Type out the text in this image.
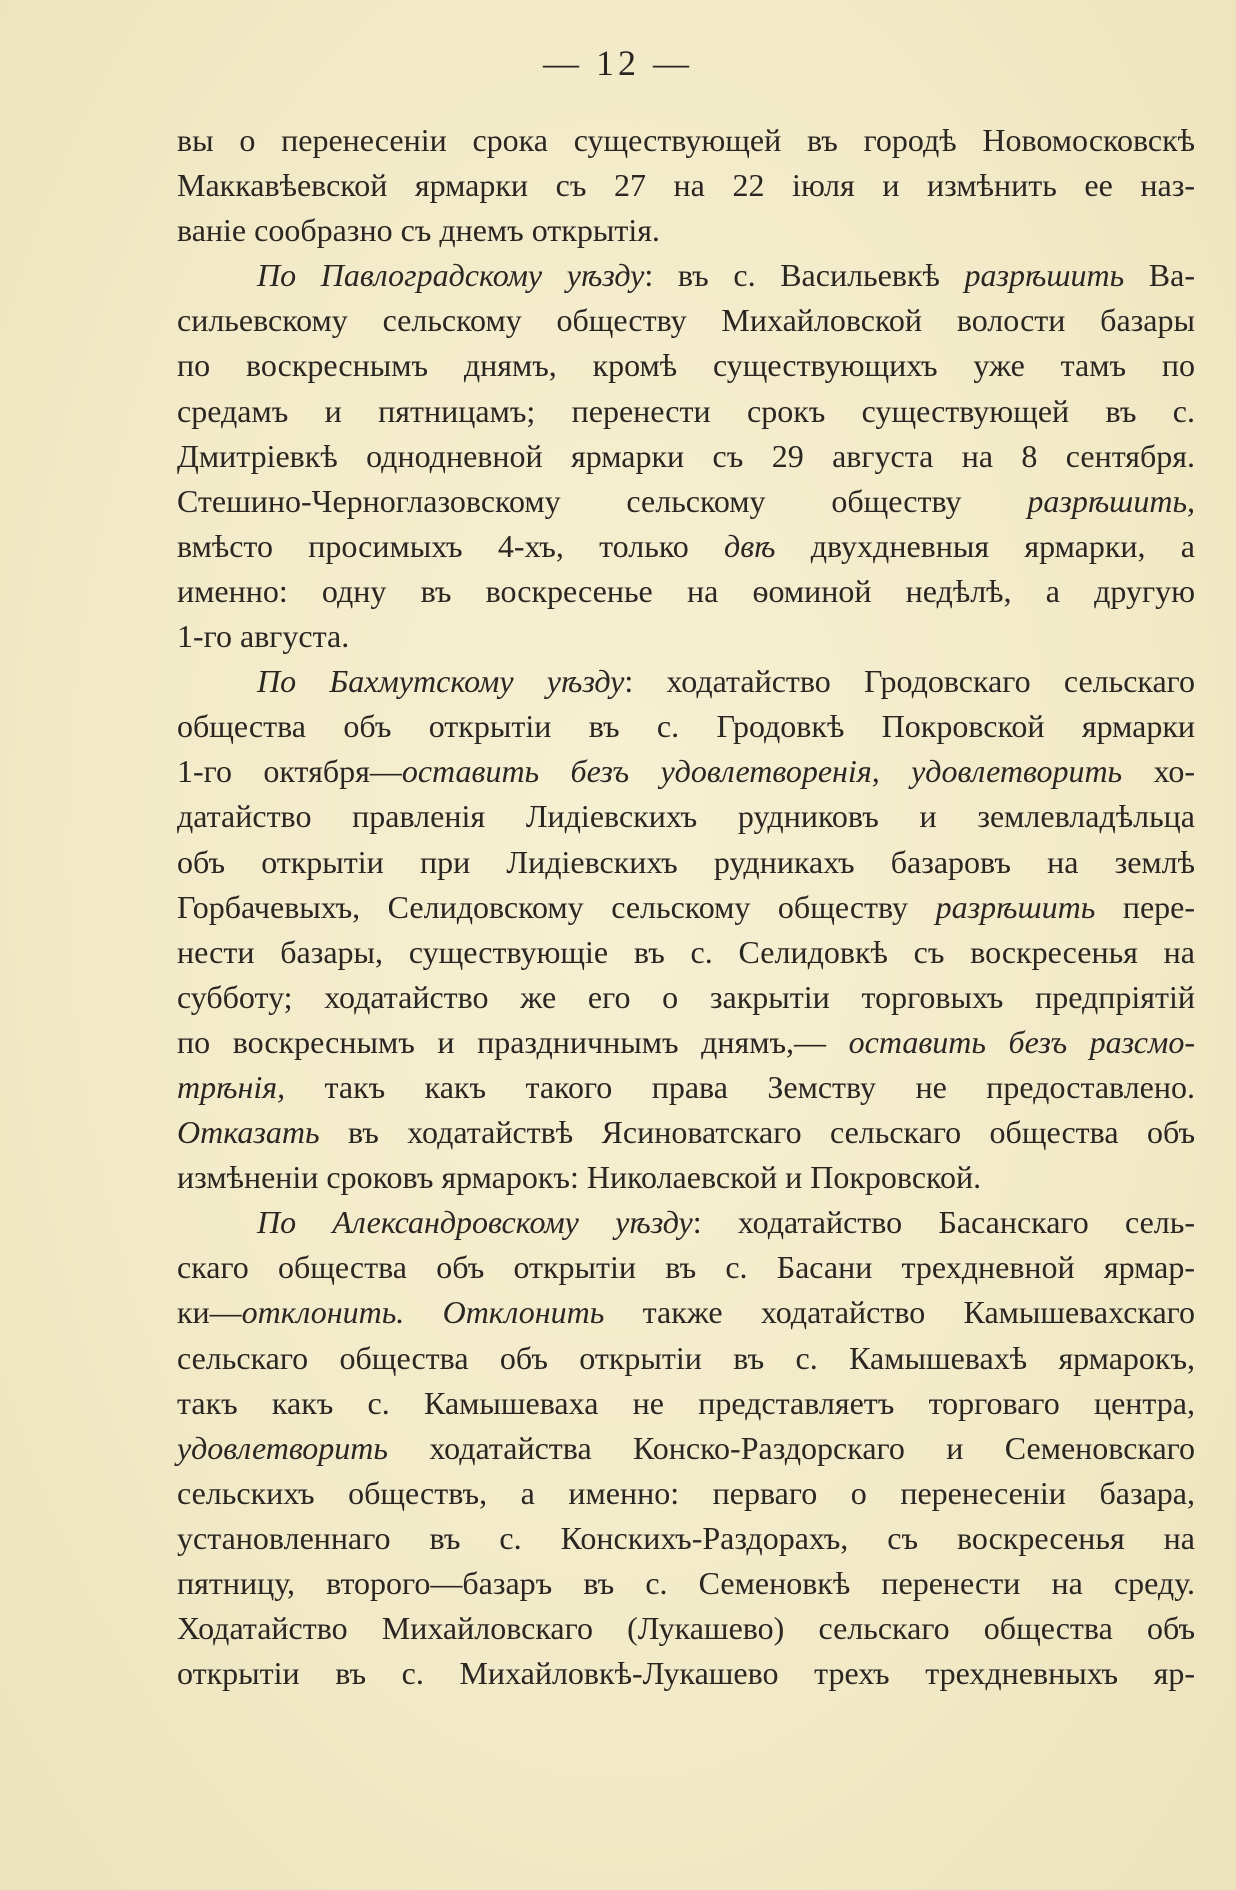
— 12 —
вы о перенесенiи срока существующей въ городѣ Новомосковскѣ
Маккавѣевской ярмарки съ 27 на 22 iюля и измѣнить ее наз-
ванiе сообразно съ днемъ открытiя.
По Павлоградскому уѣзду: въ с. Васильевкѣ разрѣшить Ва-
сильевскому сельскому обществу Михайловской волости базары
по воскреснымъ днямъ, кромѣ существующихъ уже тамъ по
средамъ и пятницамъ; перенести срокъ существующей въ с.
Дмитрiевкѣ однодневной ярмарки съ 29 августа на 8 сентября.
Стешино-Черноглазовскому сельскому обществу разрѣшить,
вмѣсто просимыхъ 4-хъ, только двѣ двухдневныя ярмарки, а
именно: одну въ воскресенье на ѳоминой недѣлѣ, а другую
1-го августа.
По Бахмутскому уѣзду: ходатайство Гродовскаго сельскаго
общества объ открытiи въ с. Гродовкѣ Покровской ярмарки
1-го октября—оставить безъ удовлетворенія, удовлетворить хо-
датайство правленія Лидiевскихъ рудниковъ и землевладѣльца
объ открытiи при Лидiевскихъ рудникахъ базаровъ на землѣ
Горбачевыхъ, Селидовскому сельскому обществу разрѣшить пере-
нести базары, существующiе въ с. Селидовкѣ съ воскресенья на
субботу; ходатайство же его о закрытiи торговыхъ предпрiятiй
по воскреснымъ и праздничнымъ днямъ,— оставить безъ разсмо-
трѣнія, такъ какъ такого права Земству не предоставлено.
Отказать въ ходатайствѣ Ясиноватскаго сельскаго общества объ
измѣненiи сроковъ ярмарокъ: Николаевской и Покровской.
По Александровскому уѣзду: ходатайство Басанскаго сель-
скаго общества объ открытiи въ с. Басани трехдневной ярмар-
ки—отклонить. Отклонить также ходатайство Камышевахскаго
сельскаго общества объ открытiи въ с. Камышевахѣ ярмарокъ,
такъ какъ с. Камышеваха не представляетъ торговаго центра,
удовлетворить ходатайства Конско-Раздорскаго и Семеновскаго
сельскихъ обществъ, а именно: перваго о перенесенiи базара,
установленнаго въ с. Конскихъ-Раздорахъ, съ воскресенья на
пятницу, второго—базаръ въ с. Семеновкѣ перенести на среду.
Ходатайство Михайловскаго (Лукашево) сельскаго общества объ
открытiи въ с. Михайловкѣ-Лукашево трехъ трехдневныхъ яр-
